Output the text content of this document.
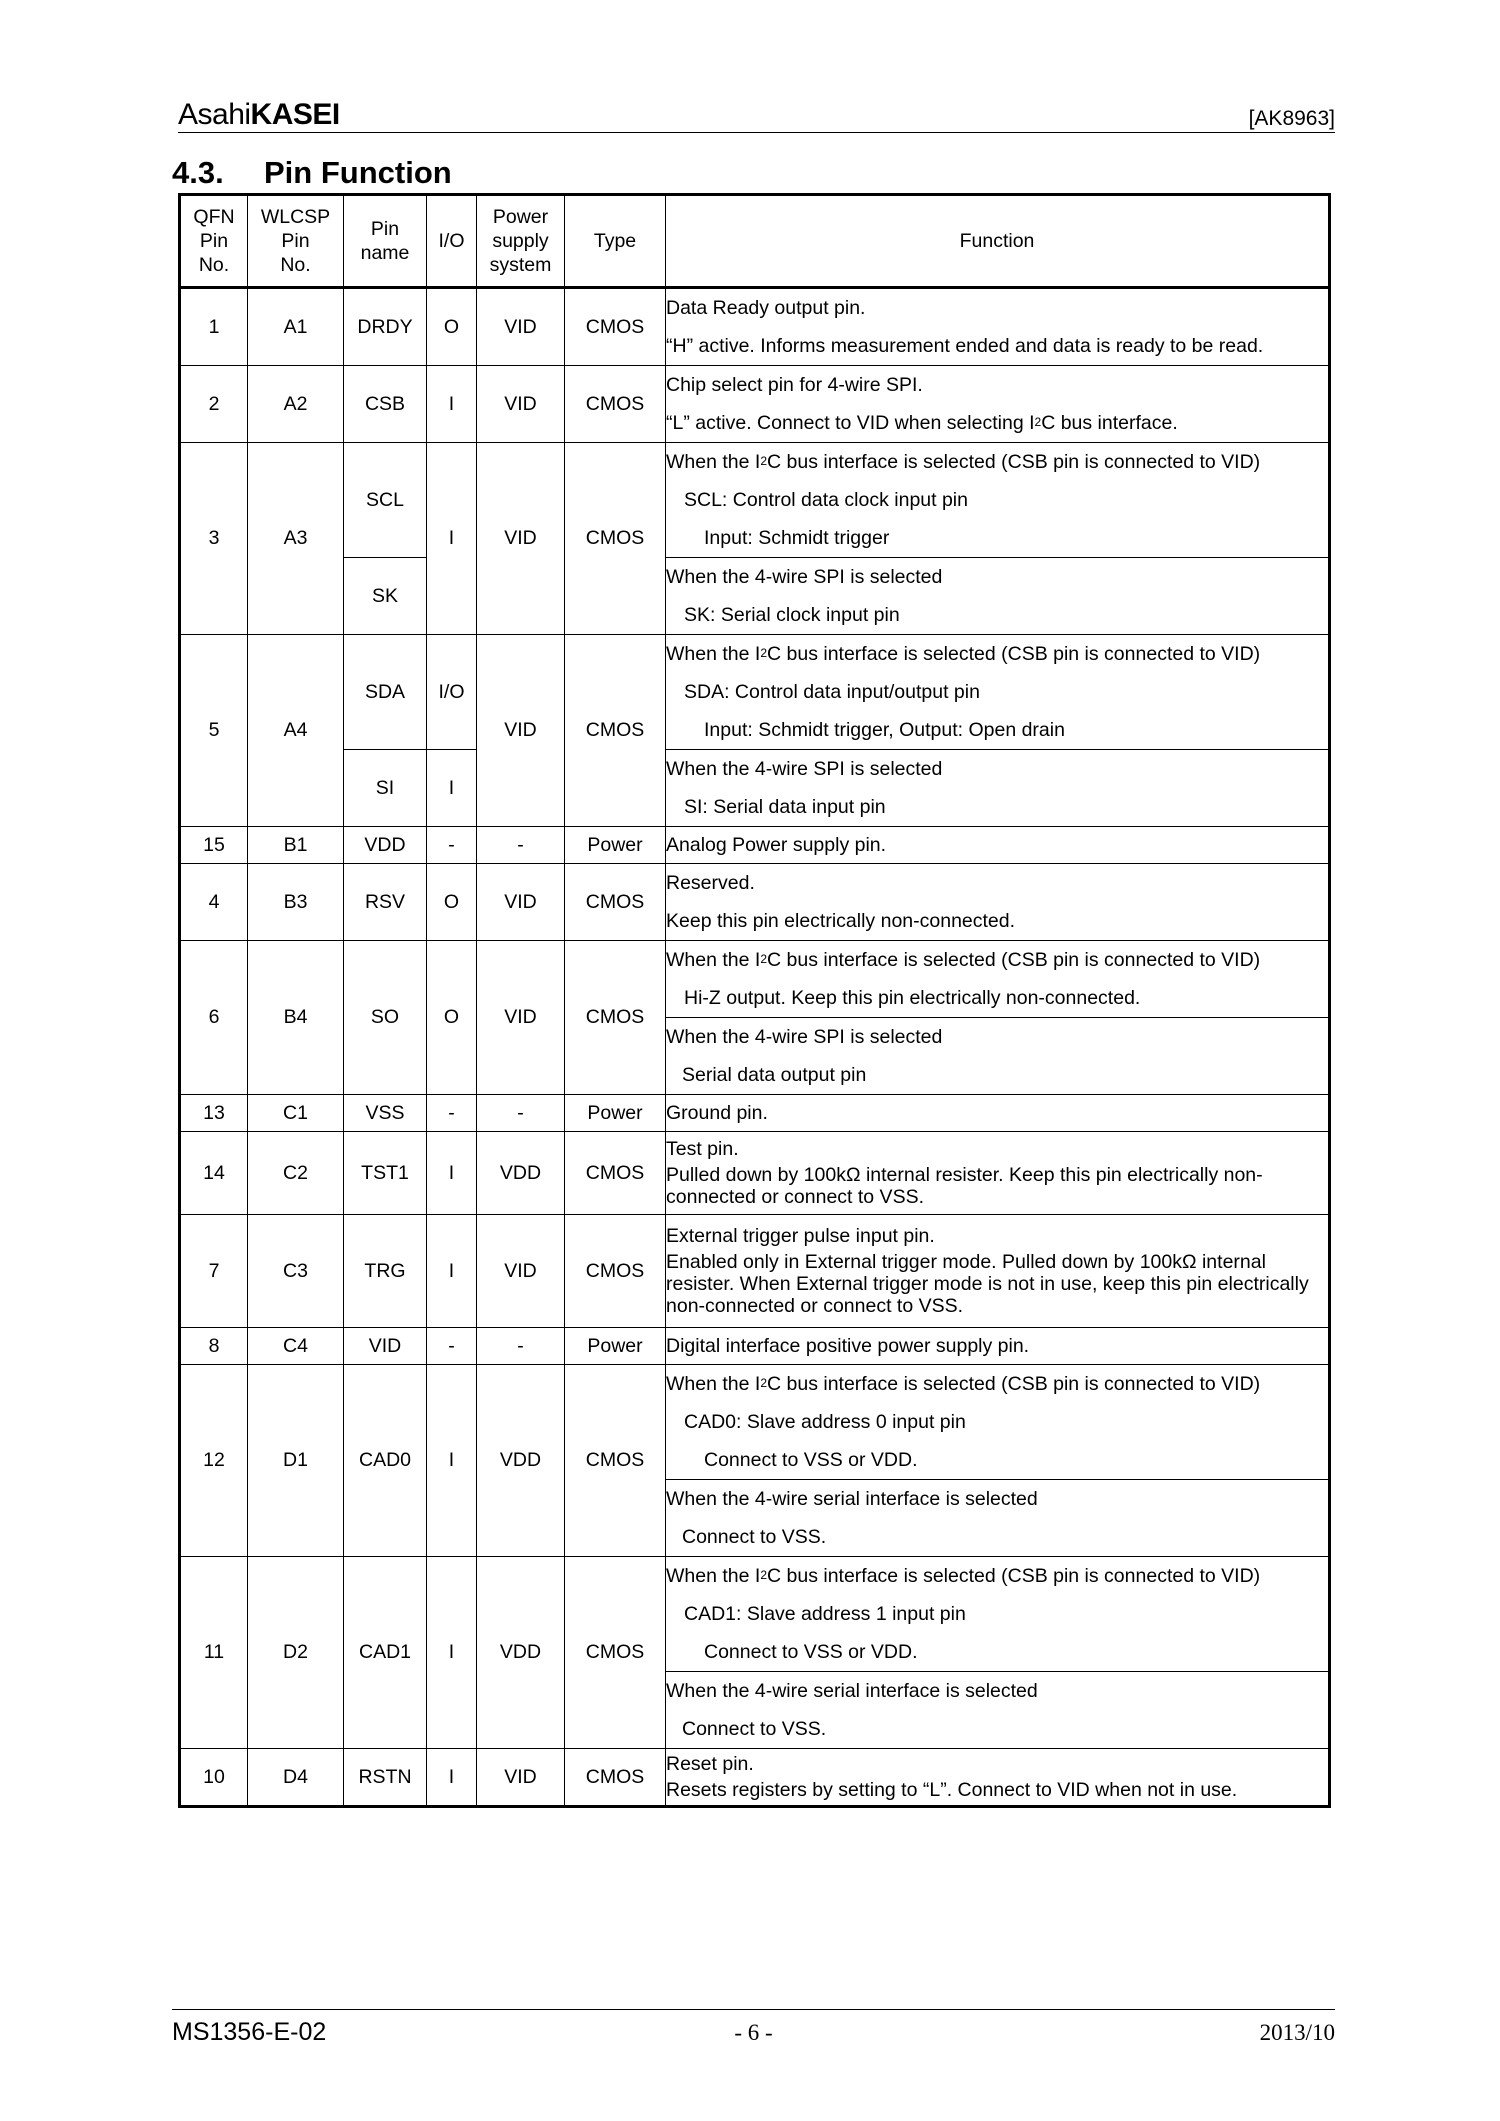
AsahiKASEI	[AK8963]
4.3. Pin Function
QFN
Pin
No.	WLCSP
Pin
No.	Pin
name	I/O	Power
supply
system	Type	Function
1	A1	DRDY	O	VID	CMOS	Data Ready output pin.
“H” active. Informs measurement ended and data is ready to be read.

2	A2	CSB	I	VID	CMOS	Chip select pin for 4-wire SPI.
“L” active. Connect to VID when selecting $I^2C$ bus interface.

3	A3	SCL	I	VID	CMOS	When the $I^2C$ bus interface is selected (CSB pin is connected to VID)
SCL: Control data clock input pin
Input: Schmidt trigger

		SK				When the 4-wire SPI is selected
SK: Serial clock input pin

5	A4	SDA	I/O	VID	CMOS	When the $I^2C$ bus interface is selected (CSB pin is connected to VID)
SDA: Control data input/output pin
Input: Schmidt trigger, Output: Open drain

		SI	I			When the 4-wire SPI is selected
SI: Serial data input pin

15	B1	VDD	-	-	Power	Analog Power supply pin.
4	B3	RSV	O	VID	CMOS	Reserved.
Keep this pin electrically non-connected.

6	B4	SO	O	VID	CMOS	When the $I^2C$ bus interface is selected (CSB pin is connected to VID)
Hi-Z output. Keep this pin electrically non-connected.

						When the 4-wire SPI is selected
Serial data output pin

13	C1	VSS	-	-	Power	Ground pin.
14	C2	TST1	I	VDD	CMOS	Test pin.
Pulled down by 100kΩ internal resister. Keep this pin electrically non-connected or connect to VSS.

7	C3	TRG	I	VID	CMOS	External trigger pulse input pin.
Enabled only in External trigger mode. Pulled down by 100kΩ internal resister. When External trigger mode is not in use, keep this pin electrically non-connected or connect to VSS.

8	C4	VID	-	-	Power	Digital interface positive power supply pin.
12	D1	CAD0	I	VDD	CMOS	When the $I^2C$ bus interface is selected (CSB pin is connected to VID)
CAD0: Slave address 0 input pin
Connect to VSS or VDD.

						When the 4-wire serial interface is selected
Connect to VSS.

11	D2	CAD1	I	VDD	CMOS	When the $I^2C$ bus interface is selected (CSB pin is connected to VID)
CAD1: Slave address 1 input pin
Connect to VSS or VDD.

						When the 4-wire serial interface is selected
Connect to VSS.

10	D4	RSTN	I	VID	CMOS	Reset pin.
Resets registers by setting to “L”. Connect to VID when not in use.
MS1356-E-02	- 6 -	2013/10
